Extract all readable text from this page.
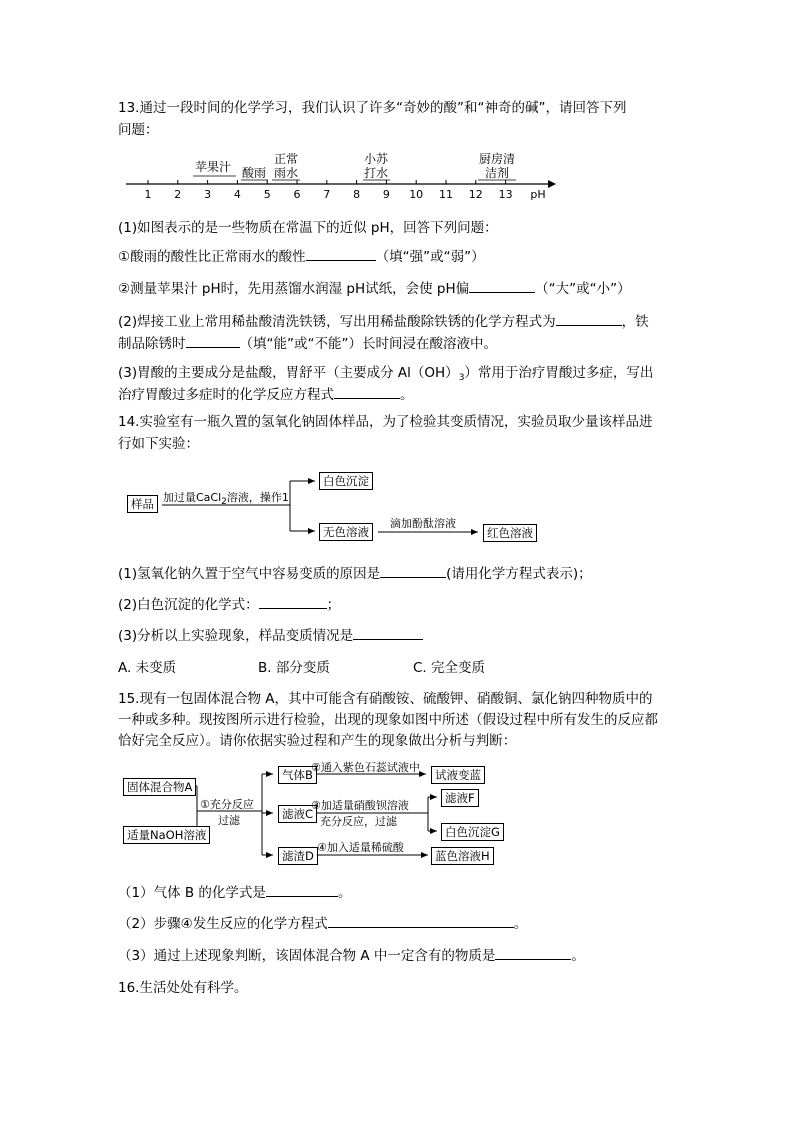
13.通过一段时间的化学学习，我们认识了许多“奇妙的酸”和“神奇的碱”，请回答下列

问题：

1 2 3 4 5 6 7 8 9 10 11 12 13 pH
苹果汁 酸雨
正常
雨水
小苏
打水
厨房清
洁剂

(1)如图表示的是一些物质在常温下的近似 pH，回答下列问题：

①酸雨的酸性比正常雨水的酸性	（填“强”或“弱”）

②测量苹果汁 pH时，先用蒸馏水润湿 pH试纸，会使 pH偏	（“大”或“小”）

(2)焊接工业上常用稀盐酸清洗铁锈，写出用稀盐酸除铁锈的化学方程式为	，铁

制品除锈时	（填“能”或“不能”）长时间浸在酸溶液中。

(3)胃酸的主要成分是盐酸，胃舒平（主要成分 $Al(OH)_3$）常用于治疗胃酸过多症，写出

治疗胃酸过多症时的化学反应方程式	。

14.实验室有一瓶久置的氢氧化钠固体样品，为了检验其变质情况，实验员取少量该样品进

行如下实验：

样品 加过量CaCl$_2$溶液，操作1
白色沉淀
无色溶液
滴加酚酞溶液
红色溶液

(1)氢氧化钠久置于空气中容易变质的原因是	(请用化学方程式表示)；

(2)白色沉淀的化学式：	；

(3)分析以上实验现象，样品变质情况是

A. 未变质	B. 部分变质	C. 完全变质

15.现有一包固体混合物 A，其中可能含有硝酸铵、硫酸钾、硝酸铜、氯化钠四种物质中的

一种或多种。现按图所示进行检验，出现的现象如图中所述（假设过程中所有发生的反应都

恰好完全反应）。请你依据实验过程和产生的现象做出分析与判断：

固体混合物A
适量NaOH溶液
①充分反应
过滤
气体B
②通入紫色石蕊试液中
试液变蓝
滤液C
③加适量硝酸钡溶液
充分反应，过滤
滤液F
白色沉淀G
滤渣D
④加入适量稀硫酸
蓝色溶液H

（1）气体 B 的化学式是	。

（2）步骤④发生反应的化学方程式	。

（3）通过上述现象判断，该固体混合物 A 中一定含有的物质是	。

16.生活处处有科学。
